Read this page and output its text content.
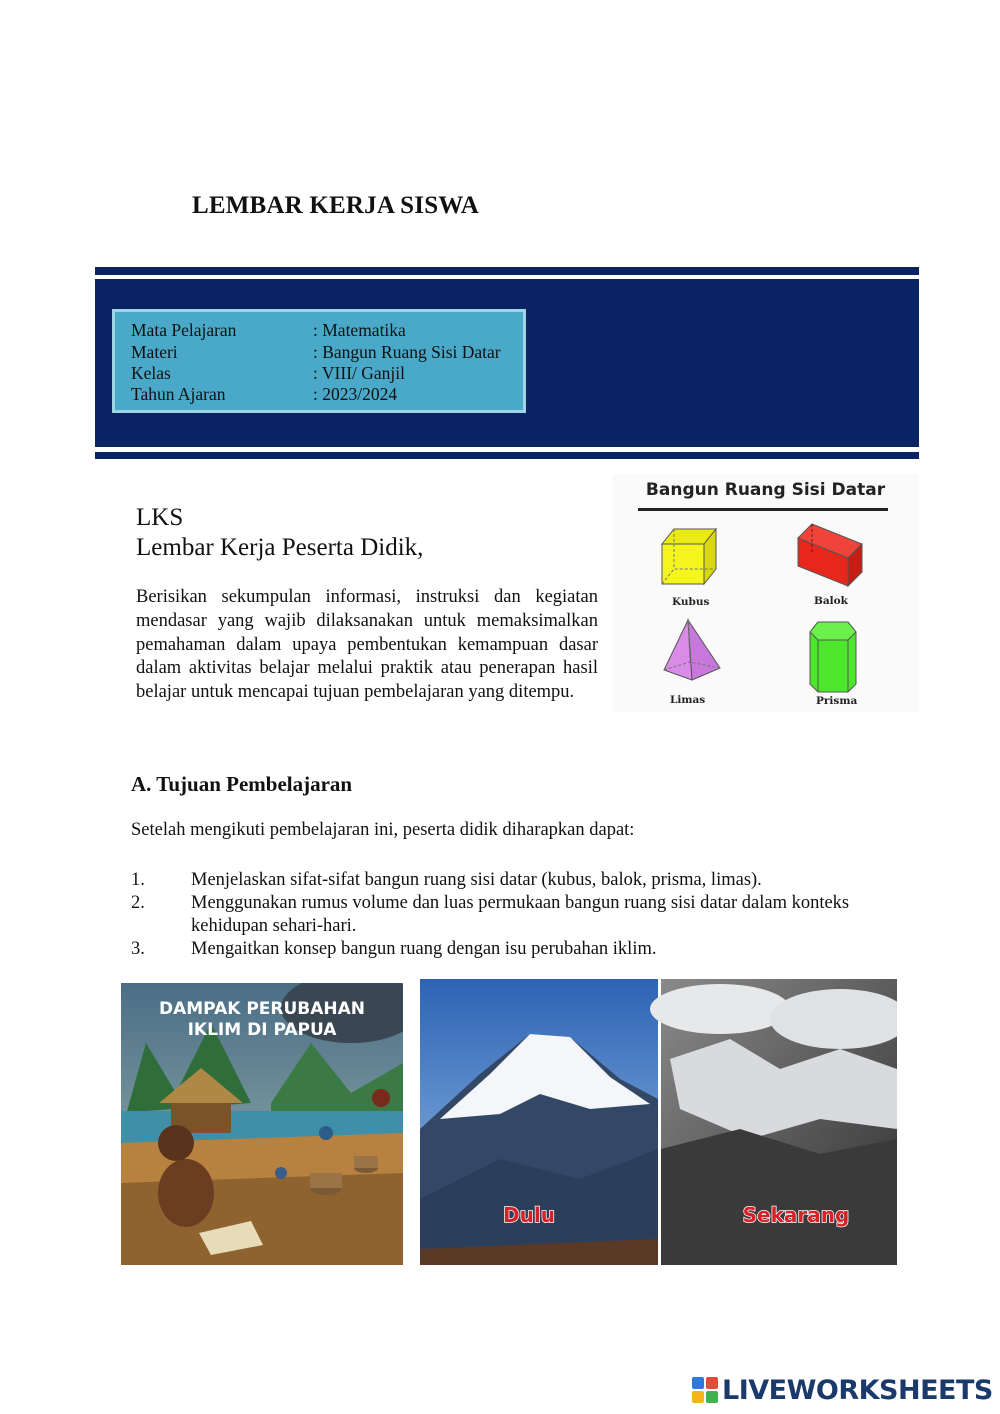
LEMBAR KERJA SISWA
Mata Pelajaran	: Matematika
Materi	: Bangun Ruang Sisi Datar
Kelas	: VIII/ Ganjil
Tahun Ajaran	: 2023/2024
LKS
Lembar Kerja Peserta Didik,
Berisikan sekumpulan informasi, instruksi dan kegiatan mendasar yang wajib dilaksanakan untuk memaksimalkan pemahaman dalam upaya pembentukan kemampuan dasar dalam aktivitas belajar melalui praktik atau penerapan hasil belajar untuk mencapai tujuan pembelajaran yang ditempu.
Bangun Ruang Sisi Datar
Kubus	Balok
Limas	Prisma
A. Tujuan Pembelajaran
Setelah mengikuti pembelajaran ini, peserta didik diharapkan dapat:
1. Menjelaskan sifat-sifat bangun ruang sisi datar (kubus, balok, prisma, limas).
2. Menggunakan rumus volume dan luas permukaan bangun ruang sisi datar dalam konteks kehidupan sehari-hari.
3. Mengaitkan konsep bangun ruang dengan isu perubahan iklim.
DAMPAK PERUBAHAN
IKLIM DI PAPUA
Dulu	Sekarang
LIVEWORKSHEETS
